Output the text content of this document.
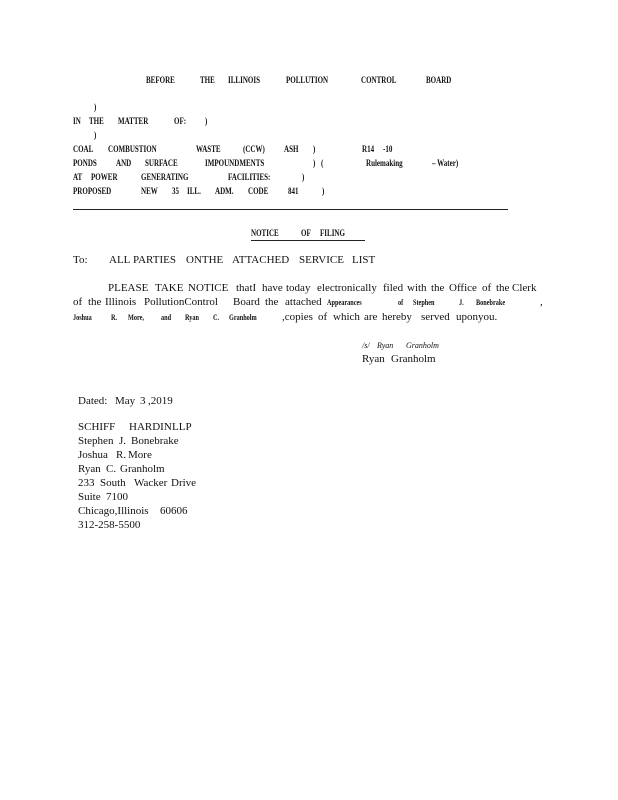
BEFORE	THE ILLINOIS	POLLUTION	CONTROL	BOARD
)
IN THE MATTER	OF: )
)
COAL COMBUSTION	WASTE (CCW) ASH )	R14 -10
PONDS AND SURFACE	IMPOUNDMENTS	) (	Rulemaking	– Water)
AT POWER	GENERATING	FACILITIES:	)
PROPOSED	NEW 35 ILL. ADM. CODE 841	)
NOTICE OF FILING
To: ALL PARTIES ONTHE ATTACHED SERVICE LIST
PLEASE TAKE NOTICE thatI have today electronically filed with the Office of the Clerk
of the Illinois PollutionControl Board the attached Appearances	of Stephen	J. Bonebrake	,
Joshua R. More, and Ryan C. Granholm ,copies of which are hereby served uponyou.
/s/ Ryan Granholm
Ryan Granholm
Dated: May 3 ,2019
SCHIFF HARDIN LLP
Stephen J. Bonebrake
Joshua R. More
Ryan C. Granholm
233 South Wacker Drive
Suite 7100
Chicago,Illinois 60606
312-258-5500
